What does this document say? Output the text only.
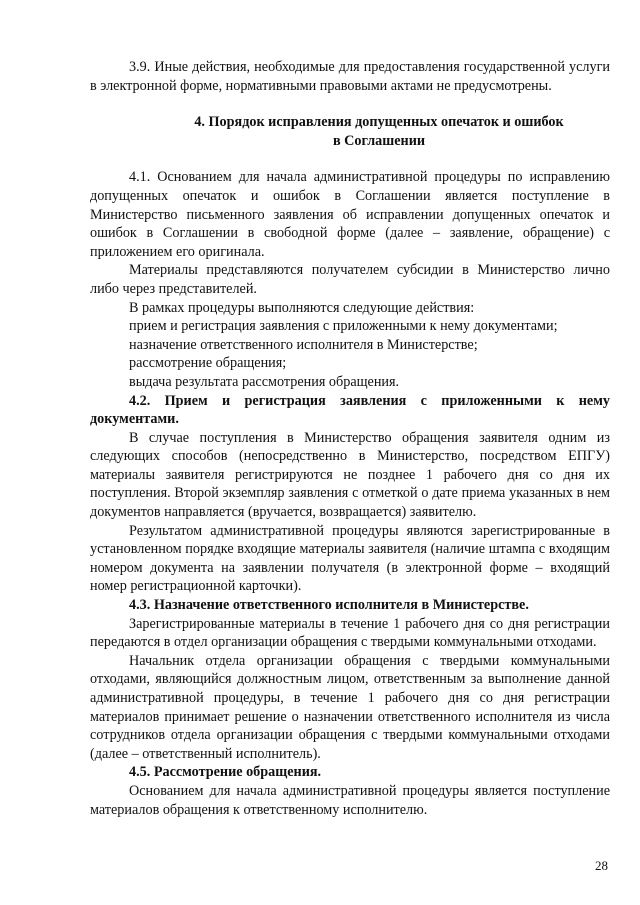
3.9. Иные действия, необходимые для предоставления государственной услуги в электронной форме, нормативными правовыми актами не предусмотрены.

4. Порядок исправления допущенных опечаток и ошибок

в Соглашении

4.1. Основанием для начала административной процедуры по исправлению допущенных опечаток и ошибок в Соглашении является поступление в Министерство письменного заявления об исправлении допущенных опечаток и ошибок в Соглашении в свободной форме (далее – заявление, обращение) с приложением его оригинала.

Материалы представляются получателем субсидии в Министерство лично либо через представителей.

В рамках процедуры выполняются следующие действия:

прием и регистрация заявления с приложенными к нему документами;

назначение ответственного исполнителя в Министерстве;

рассмотрение обращения;

выдача результата рассмотрения обращения.

4.2. Прием и регистрация заявления с приложенными к нему документами.

В случае поступления в Министерство обращения заявителя одним из следующих способов (непосредственно в Министерство, посредством ЕПГУ) материалы заявителя регистрируются не позднее 1 рабочего дня со дня их поступления. Второй экземпляр заявления с отметкой о дате приема указанных в нем документов направляется (вручается, возвращается) заявителю.

Результатом административной процедуры являются зарегистрированные в установленном порядке входящие материалы заявителя (наличие штампа с входящим номером документа на заявлении получателя (в электронной форме – входящий номер регистрационной карточки).

4.3. Назначение ответственного исполнителя в Министерстве.

Зарегистрированные материалы в течение 1 рабочего дня со дня регистрации передаются в отдел организации обращения с твердыми коммунальными отходами.

Начальник отдела организации обращения с твердыми коммунальными отходами, являющийся должностным лицом, ответственным за выполнение данной административной процедуры, в течение 1 рабочего дня со дня регистрации материалов принимает решение о назначении ответственного исполнителя из числа сотрудников отдела организации обращения с твердыми коммунальными отходами (далее – ответственный исполнитель).

4.5. Рассмотрение обращения.

Основанием для начала административной процедуры является поступление материалов обращения к ответственному исполнителю.

28
